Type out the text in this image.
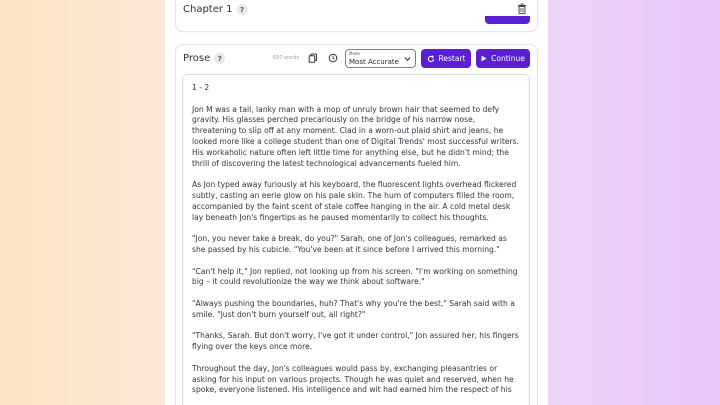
Chapter 1	?
Prose	?	637 words
Mode
Most Accurate	Restart	Continue

1 - 2

Jon M was a tall, lanky man with a mop of unruly brown hair that seemed to defy gravity. His glasses perched precariously on the bridge of his narrow nose, threatening to slip off at any moment. Clad in a worn-out plaid shirt and jeans, he looked more like a college student than one of Digital Trends' most successful writers. His workaholic nature often left little time for anything else, but he didn't mind; the thrill of discovering the latest technological advancements fueled him.

As Jon typed away furiously at his keyboard, the fluorescent lights overhead flickered subtly, casting an eerie glow on his pale skin. The hum of computers filled the room, accompanied by the faint scent of stale coffee hanging in the air. A cold metal desk lay beneath Jon's fingertips as he paused momentarily to collect his thoughts.

"Jon, you never take a break, do you?" Sarah, one of Jon's colleagues, remarked as she passed by his cubicle. "You've been at it since before I arrived this morning."

"Can't help it," Jon replied, not looking up from his screen. "I'm working on something big – it could revolutionize the way we think about software."

"Always pushing the boundaries, huh? That's why you're the best," Sarah said with a smile. "Just don't burn yourself out, all right?"

"Thanks, Sarah. But don't worry, I've got it under control," Jon assured her, his fingers flying over the keys once more.

Throughout the day, Jon's colleagues would pass by, exchanging pleasantries or asking for his input on various projects. Though he was quiet and reserved, when he spoke, everyone listened. His intelligence and wit had earned him the respect of his
